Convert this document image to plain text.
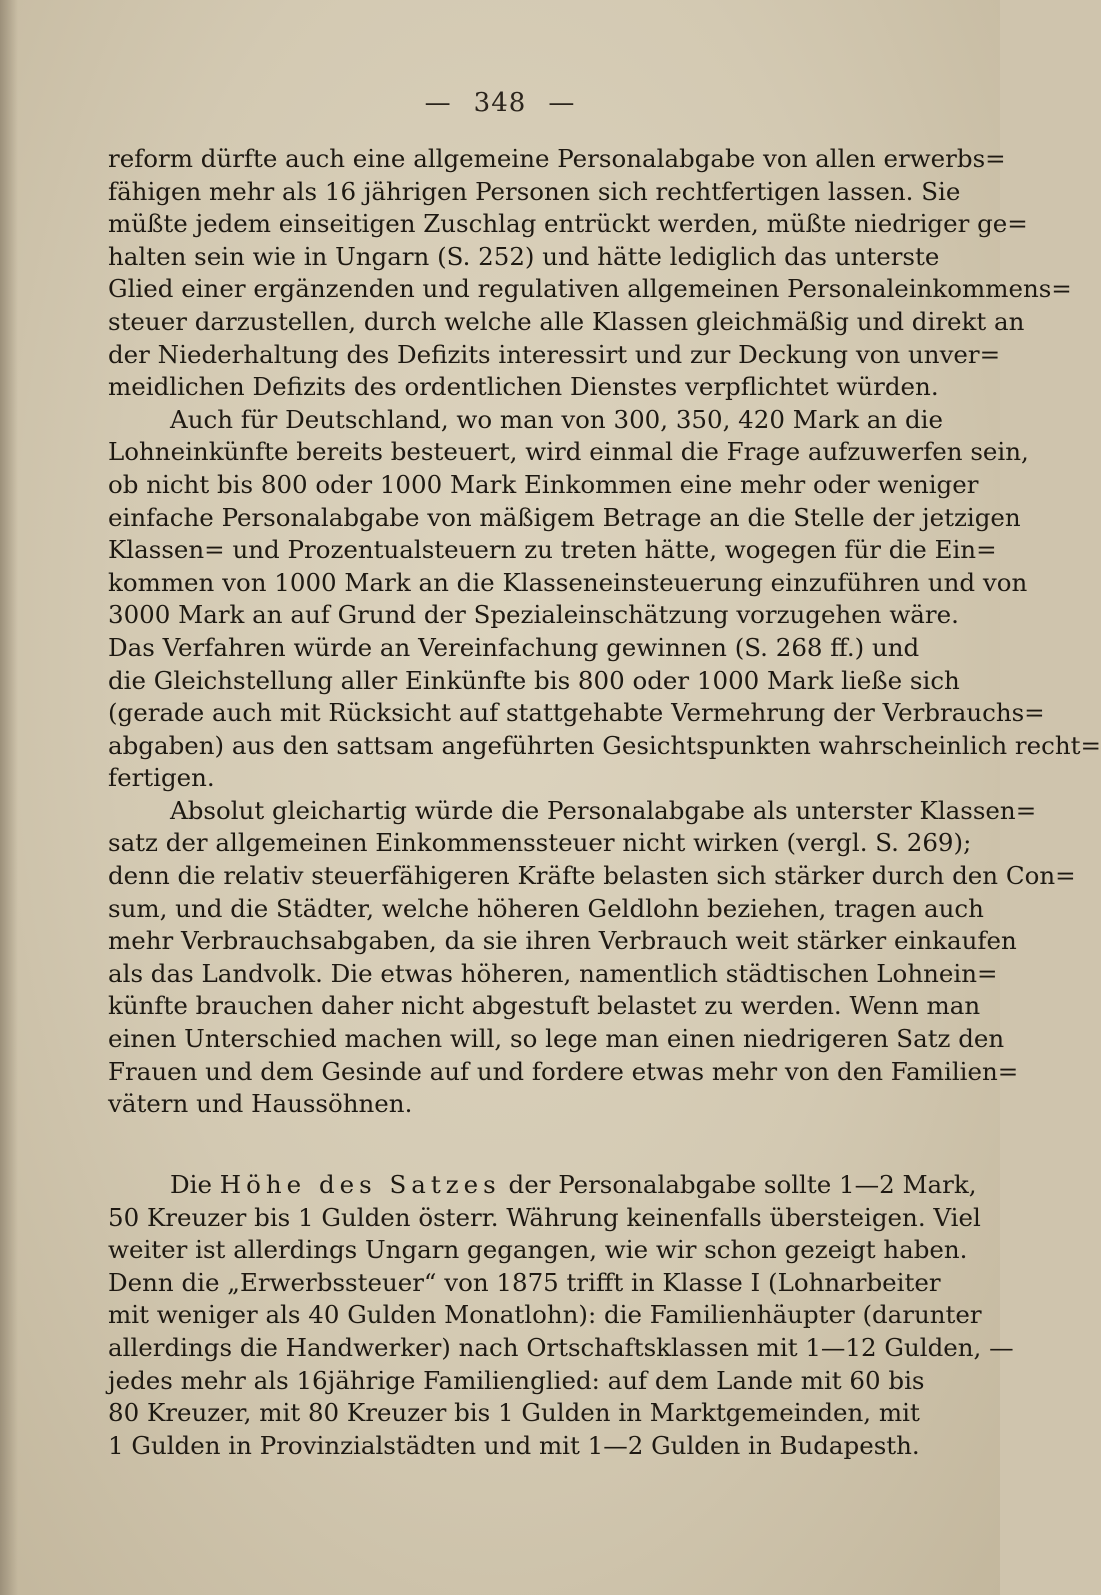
— 348 —
reform dürfte auch eine allgemeine Personalabgabe von allen erwerbs=
fähigen mehr als 16 jährigen Personen sich rechtfertigen lassen. Sie
müßte jedem einseitigen Zuschlag entrückt werden, müßte niedriger ge=
halten sein wie in Ungarn (S. 252) und hätte lediglich das unterste
Glied einer ergänzenden und regulativen allgemeinen Personaleinkommens=
steuer darzustellen, durch welche alle Klassen gleichmäßig und direkt an
der Niederhaltung des Defizits interessirt und zur Deckung von unver=
meidlichen Defizits des ordentlichen Dienstes verpflichtet würden.
Auch für Deutschland, wo man von 300, 350, 420 Mark an die
Lohneinkünfte bereits besteuert, wird einmal die Frage aufzuwerfen sein,
ob nicht bis 800 oder 1000 Mark Einkommen eine mehr oder weniger
einfache Personalabgabe von mäßigem Betrage an die Stelle der jetzigen
Klassen= und Prozentualsteuern zu treten hätte, wogegen für die Ein=
kommen von 1000 Mark an die Klasseneinsteuerung einzuführen und von
3000 Mark an auf Grund der Spezialeinschätzung vorzugehen wäre.
Das Verfahren würde an Vereinfachung gewinnen (S. 268 ff.) und
die Gleichstellung aller Einkünfte bis 800 oder 1000 Mark ließe sich
(gerade auch mit Rücksicht auf stattgehabte Vermehrung der Verbrauchs=
abgaben) aus den sattsam angeführten Gesichtspunkten wahrscheinlich recht=
fertigen.
Absolut gleichartig würde die Personalabgabe als unterster Klassen=
satz der allgemeinen Einkommenssteuer nicht wirken (vergl. S. 269);
denn die relativ steuerfähigeren Kräfte belasten sich stärker durch den Con=
sum, und die Städter, welche höheren Geldlohn beziehen, tragen auch
mehr Verbrauchsabgaben, da sie ihren Verbrauch weit stärker einkaufen
als das Landvolk. Die etwas höheren, namentlich städtischen Lohnein=
künfte brauchen daher nicht abgestuft belastet zu werden. Wenn man
einen Unterschied machen will, so lege man einen niedrigeren Satz den
Frauen und dem Gesinde auf und fordere etwas mehr von den Familien=
vätern und Haussöhnen.
Die Höhe des Satzes der Personalabgabe sollte 1—2 Mark,
50 Kreuzer bis 1 Gulden österr. Währung keinenfalls übersteigen. Viel
weiter ist allerdings Ungarn gegangen, wie wir schon gezeigt haben.
Denn die „Erwerbssteuer“ von 1875 trifft in Klasse I (Lohnarbeiter
mit weniger als 40 Gulden Monatlohn): die Familienhäupter (darunter
allerdings die Handwerker) nach Ortschaftsklassen mit 1—12 Gulden, —
jedes mehr als 16jährige Familienglied: auf dem Lande mit 60 bis
80 Kreuzer, mit 80 Kreuzer bis 1 Gulden in Marktgemeinden, mit
1 Gulden in Provinzialstädten und mit 1—2 Gulden in Budapesth.
